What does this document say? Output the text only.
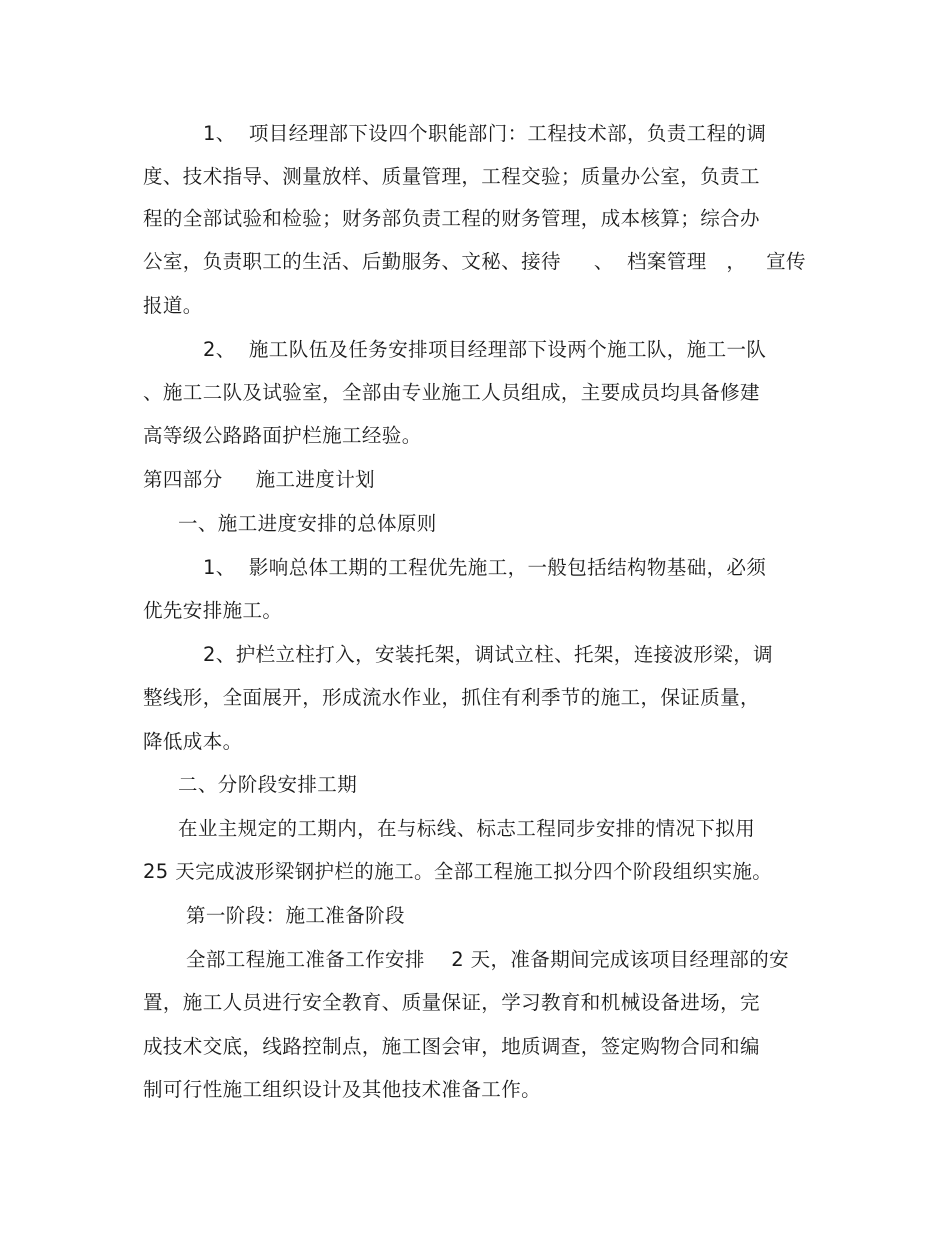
1、  项目经理部下设四个职能部门：工程技术部，负责工程的调
度、技术指导、测量放样、质量管理，工程交验；质量办公室，负责工
程的全部试验和检验；财务部负责工程的财务管理，成本核算；综合办
公室，负责职工的生活、后勤服务、文秘、接待     、  档案管理   ，   宣传
报道。
2、  施工队伍及任务安排项目经理部下设两个施工队，施工一队
、施工二队及试验室，全部由专业施工人员组成，主要成员均具备修建
高等级公路路面护栏施工经验。
第四部分     施工进度计划
一、施工进度安排的总体原则
1、  影响总体工期的工程优先施工，一般包括结构物基础，必须
优先安排施工。
2、护栏立柱打入，安装托架，调试立柱、托架，连接波形梁，调
整线形，全面展开，形成流水作业，抓住有利季节的施工，保证质量，
降低成本。
二、分阶段安排工期
在业主规定的工期内，在与标线、标志工程同步安排的情况下拟用
25 天完成波形梁钢护栏的施工。全部工程施工拟分四个阶段组织实施。
第一阶段：施工准备阶段
全部工程施工准备工作安排    2 天，准备期间完成该项目经理部的安
置，施工人员进行安全教育、质量保证，学习教育和机械设备进场，完
成技术交底，线路控制点，施工图会审，地质调查，签定购物合同和编
制可行性施工组织设计及其他技术准备工作。
